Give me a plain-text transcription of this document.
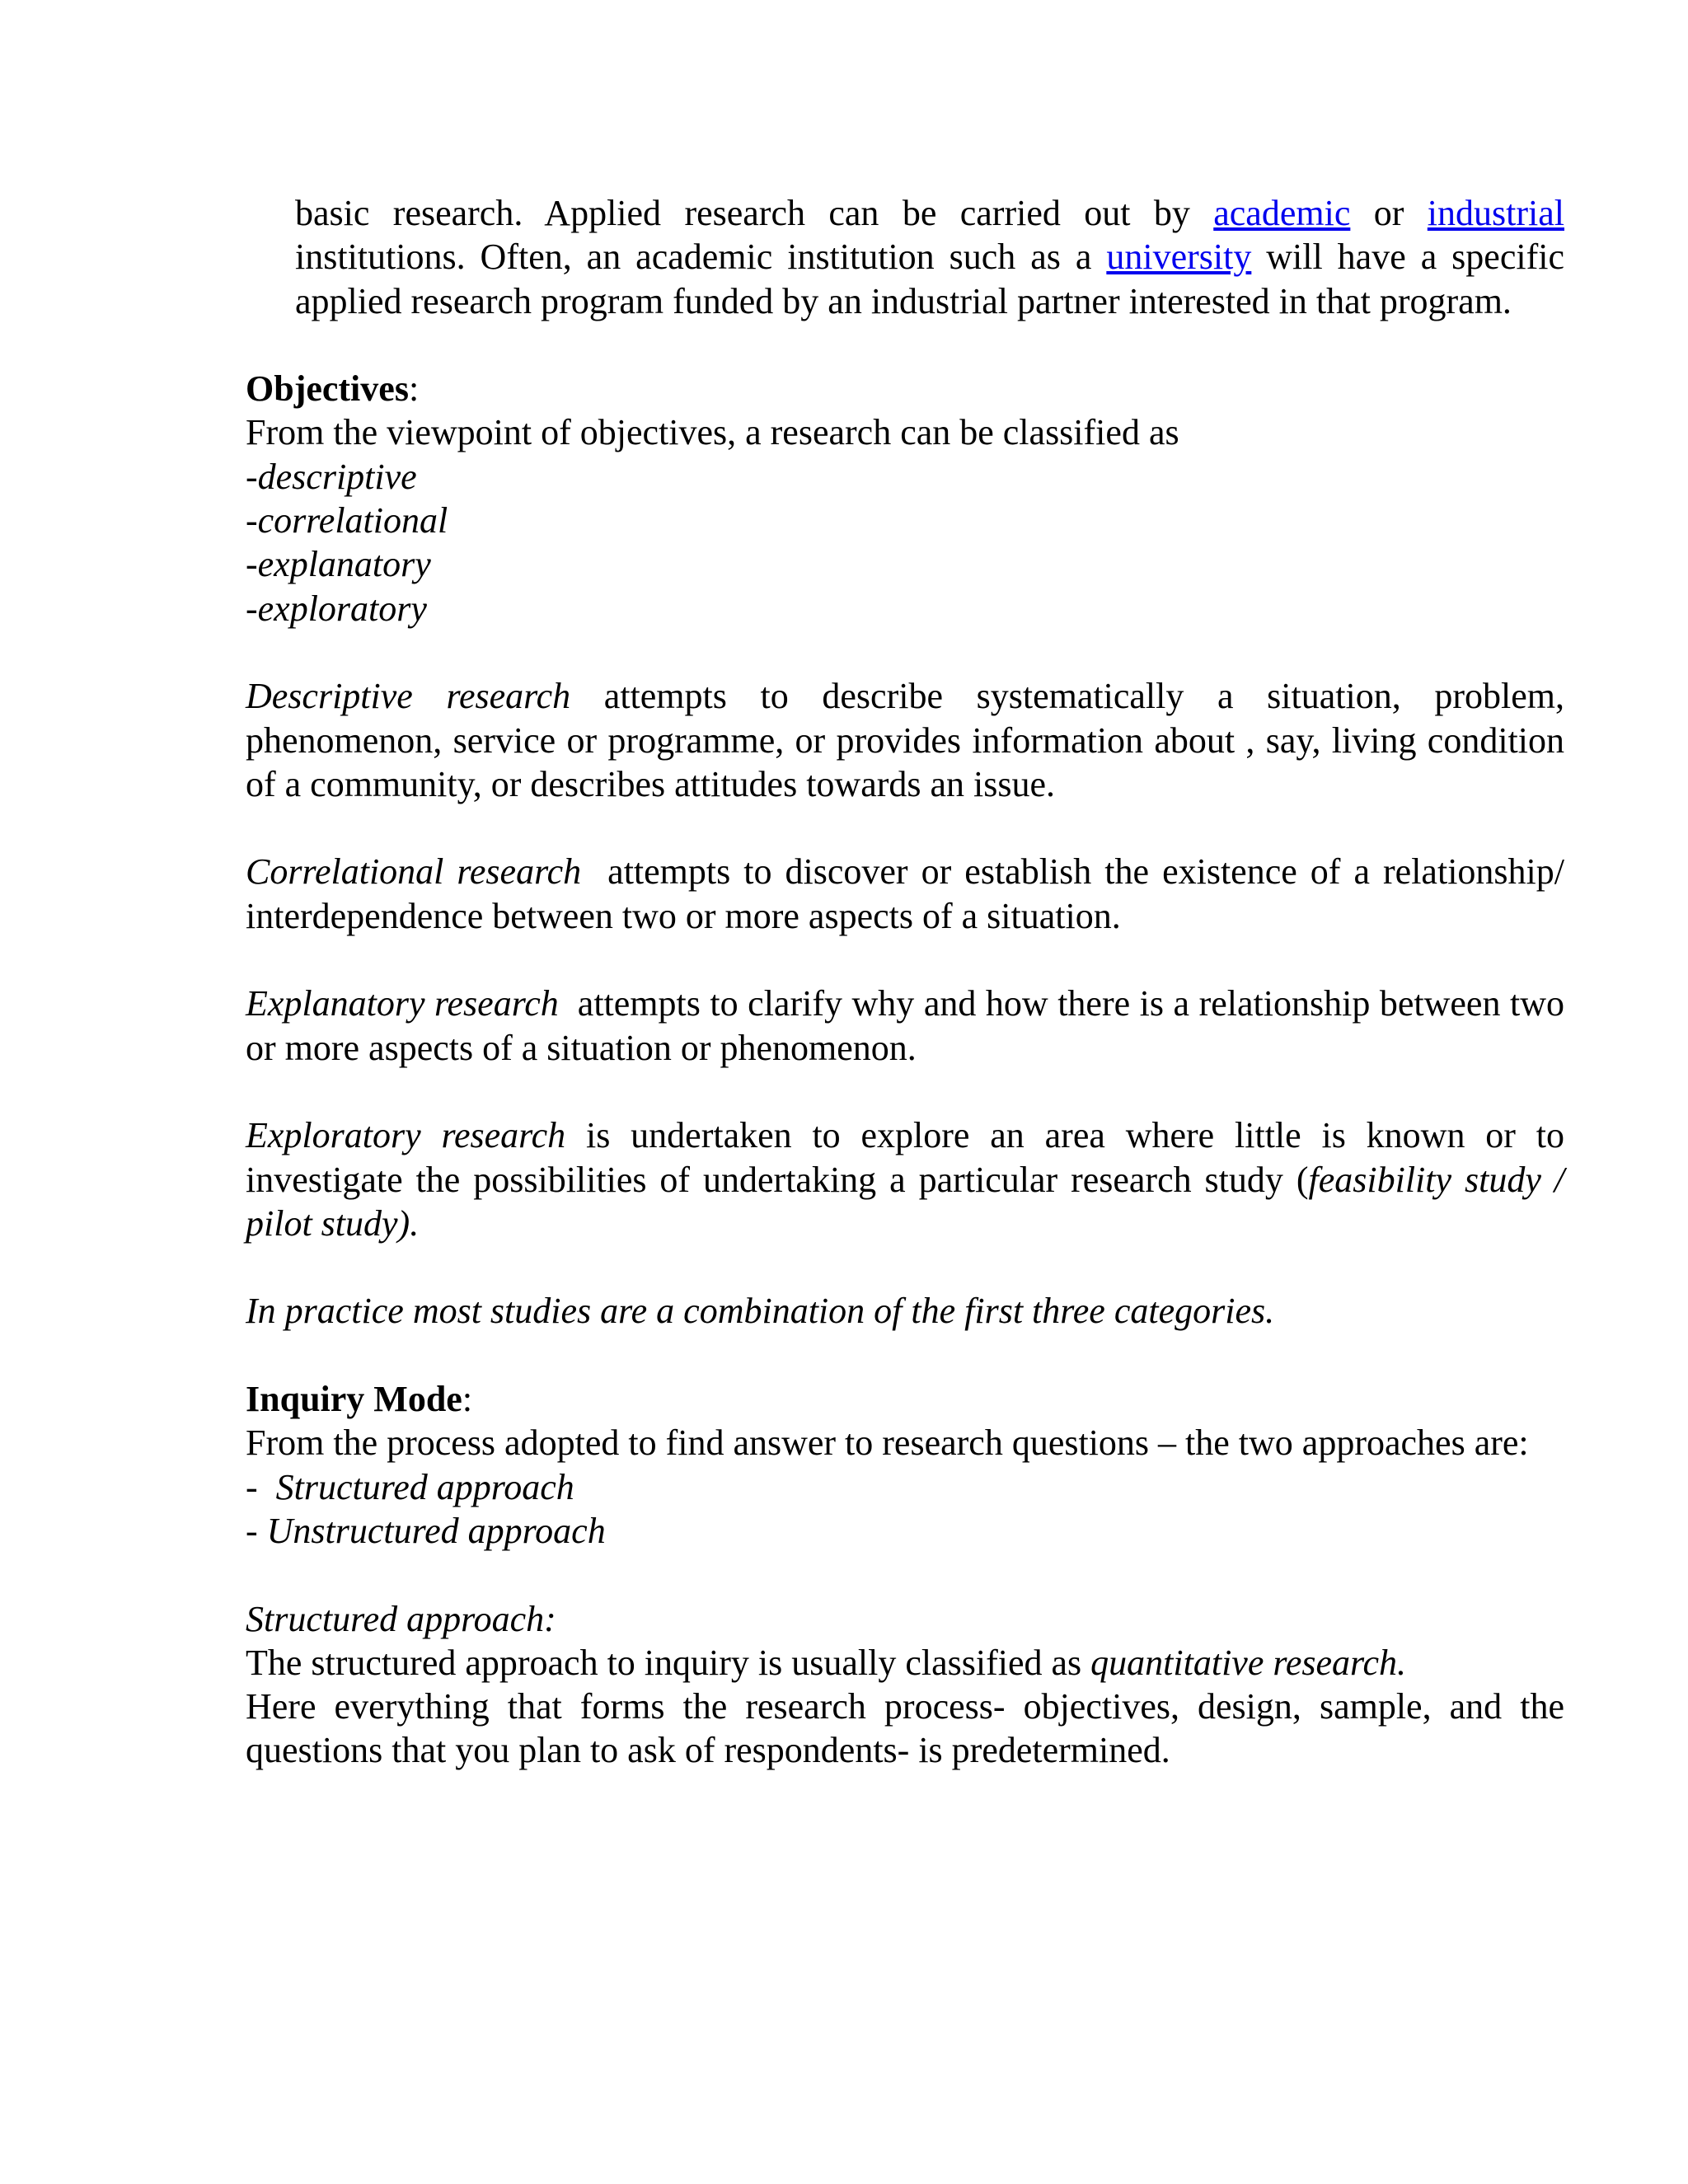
basic research. Applied research can be carried out by academic or industrial institutions. Often, an academic institution such as a university will have a specific applied research program funded by an industrial partner interested in that program.

Objectives:

From the viewpoint of objectives, a research can be classified as

-descriptive
-correlational
-explanatory
-exploratory

Descriptive research attempts to describe systematically a situation, problem, phenomenon, service or programme, or provides information about , say, living condition of a community, or describes attitudes towards an issue.

Correlational research  attempts to discover or establish the existence of a relationship/ interdependence between two or more aspects of a situation.

Explanatory research  attempts to clarify why and how there is a relationship between two or more aspects of a situation or phenomenon.

Exploratory research is undertaken to explore an area where little is known or to investigate the possibilities of undertaking a particular research study (feasibility study / pilot study).

In practice most studies are a combination of the first three categories.

Inquiry Mode:

From the process adopted to find answer to research questions – the two approaches are:

-  Structured approach

- Unstructured approach

Structured approach:

The structured approach to inquiry is usually classified as quantitative research.

Here everything that forms the research process- objectives, design, sample, and the questions that you plan to ask of respondents- is predetermined.
